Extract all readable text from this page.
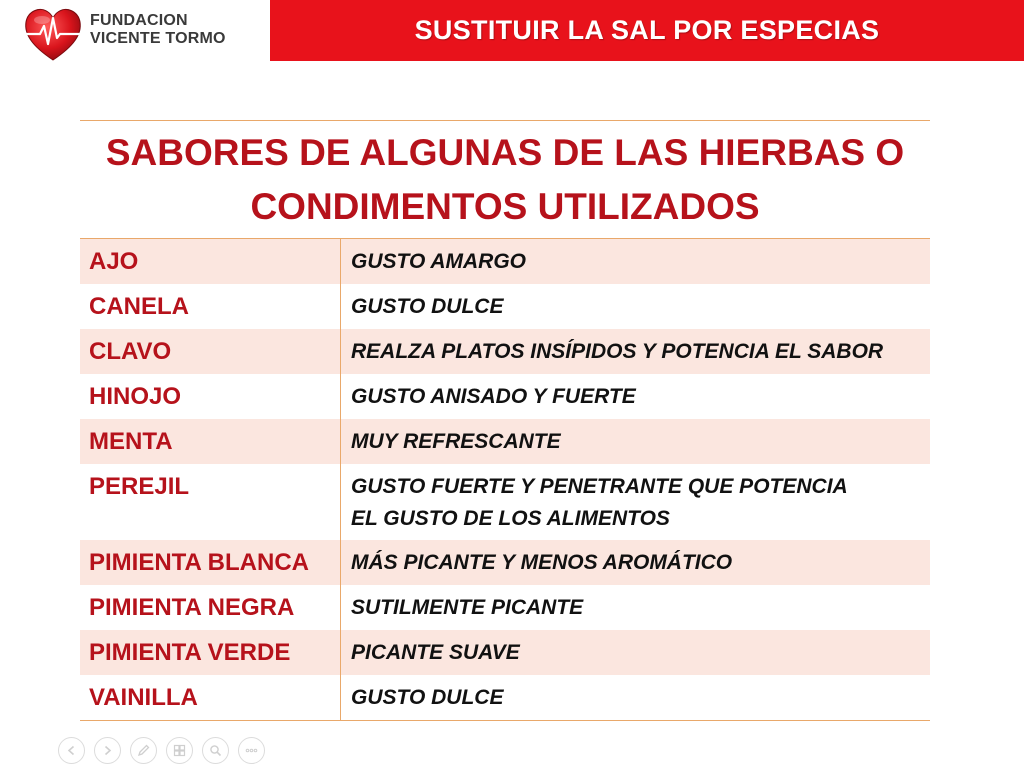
FUNDACION
VICENTE TORMO	SUSTITUIR LA SAL POR ESPECIAS
SABORES DE ALGUNAS DE LAS HIERBAS O
CONDIMENTOS UTILIZADOS
AJO	GUSTO AMARGO
CANELA	GUSTO DULCE
CLAVO	REALZA PLATOS INSÍPIDOS Y POTENCIA EL SABOR
HINOJO	GUSTO ANISADO Y FUERTE
MENTA	MUY REFRESCANTE
PEREJIL	GUSTO FUERTE Y PENETRANTE QUE POTENCIA
EL GUSTO DE LOS ALIMENTOS
PIMIENTA BLANCA	MÁS PICANTE Y MENOS AROMÁTICO
PIMIENTA NEGRA	SUTILMENTE PICANTE
PIMIENTA VERDE	PICANTE SUAVE
VAINILLA	GUSTO DULCE
